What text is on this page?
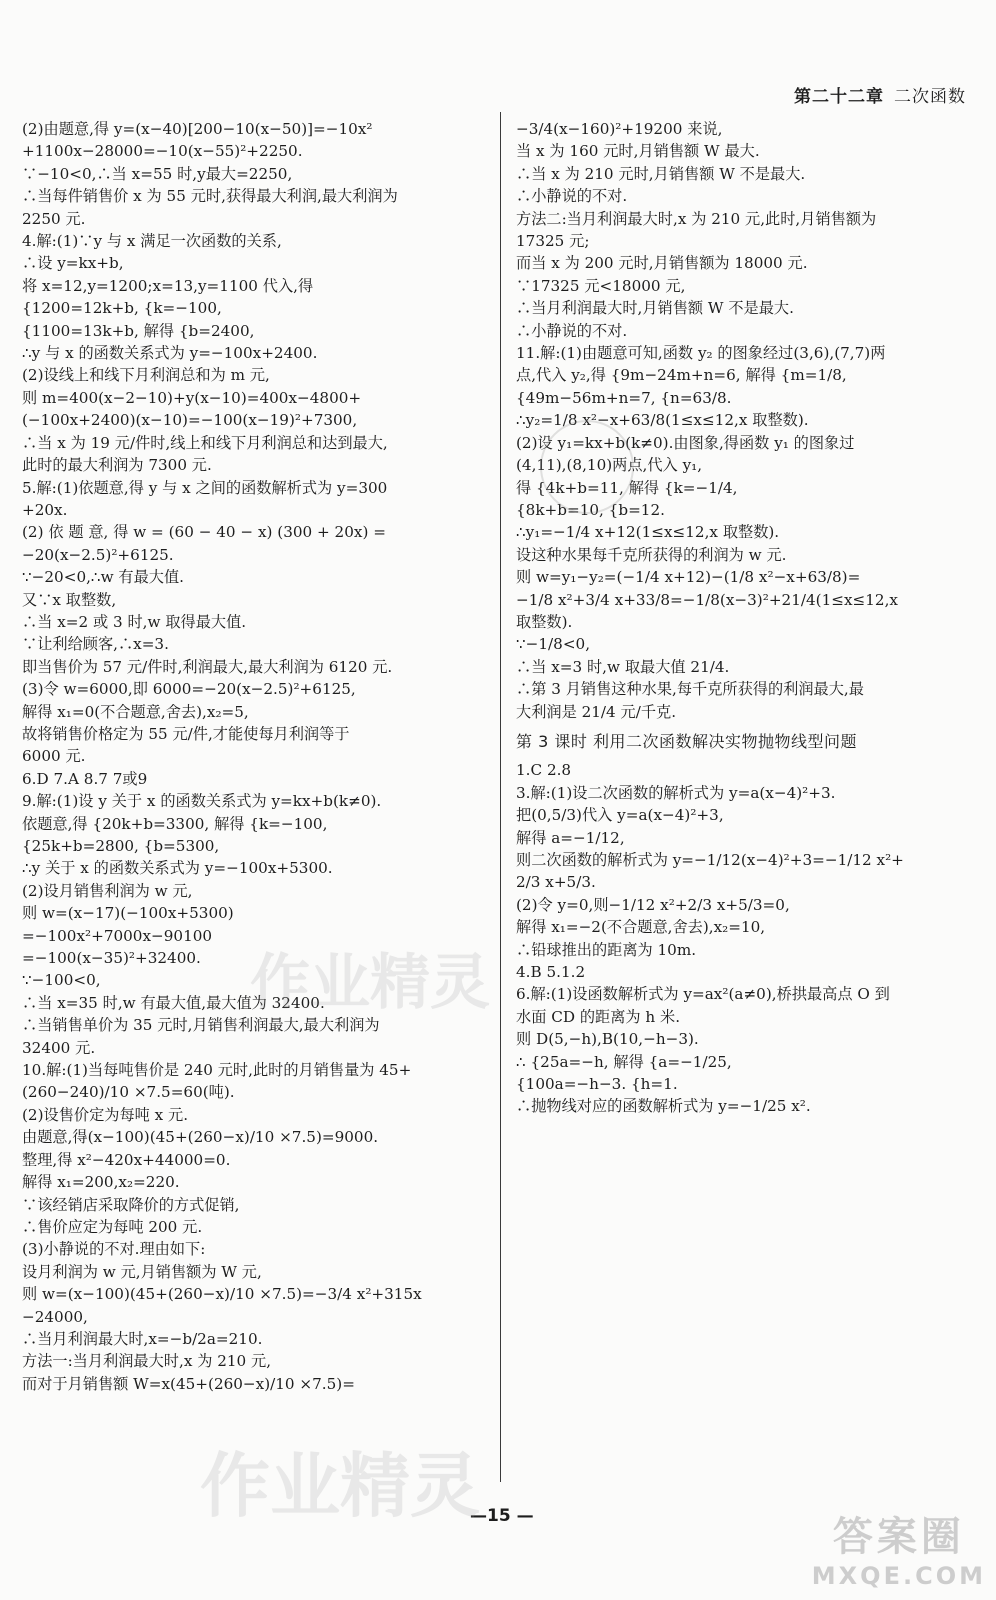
第二十二章 二次函数
(2)由题意,得 y=(x−40)[200−10(x−50)]=−10x²
+1100x−28000=−10(x−55)²+2250.
∵−10<0,∴当 x=55 时,y最大=2250,
∴当每件销售价 x 为 55 元时,获得最大利润,最大利润为
2250 元.
4.解:(1)∵y 与 x 满足一次函数的关系,
∴设 y=kx+b,
将 x=12,y=1200;x=13,y=1100 代入,得
{1200=12k+b, {k=−100,
{1100=13k+b, 解得 {b=2400,
∴y 与 x 的函数关系式为 y=−100x+2400.
(2)设线上和线下月利润总和为 m 元,
则 m=400(x−2−10)+y(x−10)=400x−4800+
(−100x+2400)(x−10)=−100(x−19)²+7300,
∴当 x 为 19 元/件时,线上和线下月利润总和达到最大,
此时的最大利润为 7300 元.
5.解:(1)依题意,得 y 与 x 之间的函数解析式为 y=300
+20x.
(2) 依 题 意, 得 w = (60 − 40 − x) (300 + 20x) =
−20(x−2.5)²+6125.
∵−20<0,∴w 有最大值.
又∵x 取整数,
∴当 x=2 或 3 时,w 取得最大值.
∵让利给顾客,∴x=3.
即当售价为 57 元/件时,利润最大,最大利润为 6120 元.
(3)令 w=6000,即 6000=−20(x−2.5)²+6125,
解得 x₁=0(不合题意,舍去),x₂=5,
故将销售价格定为 55 元/件,才能使每月利润等于
6000 元.
6.D 7.A 8.7 7或9
9.解:(1)设 y 关于 x 的函数关系式为 y=kx+b(k≠0).
依题意,得 {20k+b=3300, 解得 {k=−100,
{25k+b=2800, {b=5300,
∴y 关于 x 的函数关系式为 y=−100x+5300.
(2)设月销售利润为 w 元,
则 w=(x−17)(−100x+5300)
=−100x²+7000x−90100
=−100(x−35)²+32400.
∵−100<0,
∴当 x=35 时,w 有最大值,最大值为 32400.
∴当销售单价为 35 元时,月销售利润最大,最大利润为
32400 元.
10.解:(1)当每吨售价是 240 元时,此时的月销售量为 45+
(260−240)/10 ×7.5=60(吨).
(2)设售价定为每吨 x 元.
由题意,得(x−100)(45+(260−x)/10 ×7.5)=9000.
整理,得 x²−420x+44000=0.
解得 x₁=200,x₂=220.
∵该经销店采取降价的方式促销,
∴售价应定为每吨 200 元.
(3)小静说的不对.理由如下:
设月利润为 w 元,月销售额为 W 元,
则 w=(x−100)(45+(260−x)/10 ×7.5)=−3/4 x²+315x
−24000,
∴当月利润最大时,x=−b/2a=210.
方法一:当月利润最大时,x 为 210 元,
而对于月销售额 W=x(45+(260−x)/10 ×7.5)=
−3/4(x−160)²+19200 来说,
当 x 为 160 元时,月销售额 W 最大.
∴当 x 为 210 元时,月销售额 W 不是最大.
∴小静说的不对.
方法二:当月利润最大时,x 为 210 元,此时,月销售额为
17325 元;
而当 x 为 200 元时,月销售额为 18000 元.
∵17325 元<18000 元,
∴当月利润最大时,月销售额 W 不是最大.
∴小静说的不对.
11.解:(1)由题意可知,函数 y₂ 的图象经过(3,6),(7,7)两
点,代入 y₂,得 {9m−24m+n=6, 解得 {m=1/8,
{49m−56m+n=7, {n=63/8.
∴y₂=1/8 x²−x+63/8(1≤x≤12,x 取整数).
(2)设 y₁=kx+b(k≠0).由图象,得函数 y₁ 的图象过
(4,11),(8,10)两点,代入 y₁,
得 {4k+b=11, 解得 {k=−1/4,
{8k+b=10, {b=12.
∴y₁=−1/4 x+12(1≤x≤12,x 取整数).
设这种水果每千克所获得的利润为 w 元.
则 w=y₁−y₂=(−1/4 x+12)−(1/8 x²−x+63/8)=
−1/8 x²+3/4 x+33/8=−1/8(x−3)²+21/4(1≤x≤12,x
取整数).
∵−1/8<0,
∴当 x=3 时,w 取最大值 21/4.
∴第 3 月销售这种水果,每千克所获得的利润最大,最
大利润是 21/4 元/千克.
第 3 课时 利用二次函数解决实物抛物线型问题
1.C 2.8
3.解:(1)设二次函数的解析式为 y=a(x−4)²+3.
把(0,5/3)代入 y=a(x−4)²+3,
解得 a=−1/12,
则二次函数的解析式为 y=−1/12(x−4)²+3=−1/12 x²+
2/3 x+5/3.
(2)令 y=0,则−1/12 x²+2/3 x+5/3=0,
解得 x₁=−2(不合题意,舍去),x₂=10,
∴铅球推出的距离为 10m.
4.B 5.1.2
6.解:(1)设函数解析式为 y=ax²(a≠0),桥拱最高点 O 到
水面 CD 的距离为 h 米.
则 D(5,−h),B(10,−h−3).
∴ {25a=−h, 解得 {a=−1/25,
{100a=−h−3. {h=1.
∴抛物线对应的函数解析式为 y=−1/25 x².
—15 —
作业精灵
作业精灵
答案圈
MXQE.COM
